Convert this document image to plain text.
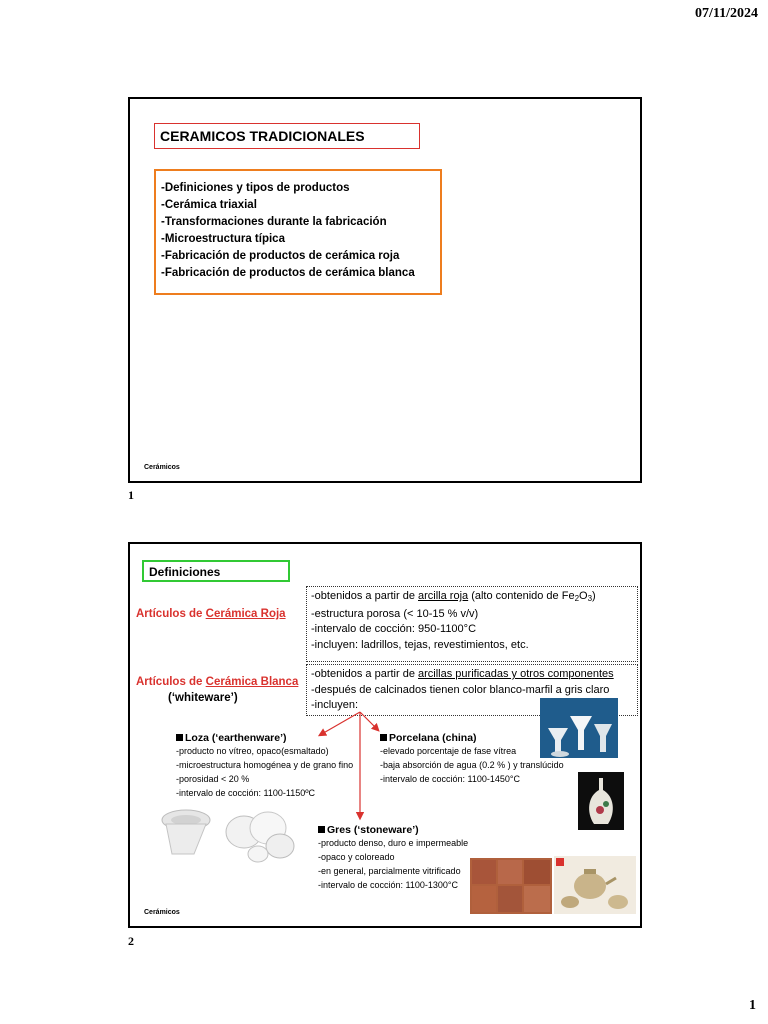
07/11/2024
CERAMICOS TRADICIONALES
-Definiciones y tipos de productos
-Cerámica triaxial
-Transformaciones durante la fabricación
-Microestructura típica
-Fabricación de productos de cerámica roja
-Fabricación de productos de cerámica blanca
Cerámicos
1
Definiciones
Artículos de Cerámica Roja
-obtenidos a partir de arcilla roja (alto contenido de $Fe_2O_3$)
-estructura porosa (< 10-15 % v/v)
-intervalo de cocción: 950-1100°C
-incluyen: ladrillos, tejas, revestimientos, etc.
Artículos de Cerámica Blanca
(‘whiteware’)
-obtenidos a partir de arcillas purificadas y otros componentes
-después de calcinados tienen color blanco-marfil a gris claro
-incluyen:
Loza (‘earthenware’)
-producto no vítreo, opaco(esmaltado)
-microestructura homogénea y de grano fino
-porosidad < 20 %
-intervalo de cocción: 1100-1150ºC
Porcelana (china)
-elevado porcentaje de fase vítrea
-baja absorción de agua (0.2 % ) y translúcido
-intervalo de cocción: 1100-1450°C
Gres (‘stoneware’)
-producto denso, duro e impermeable
-opaco y coloreado
-en general, parcialmente vitrificado
-intervalo de cocción: 1100-1300°C
Cerámicos
2
1
